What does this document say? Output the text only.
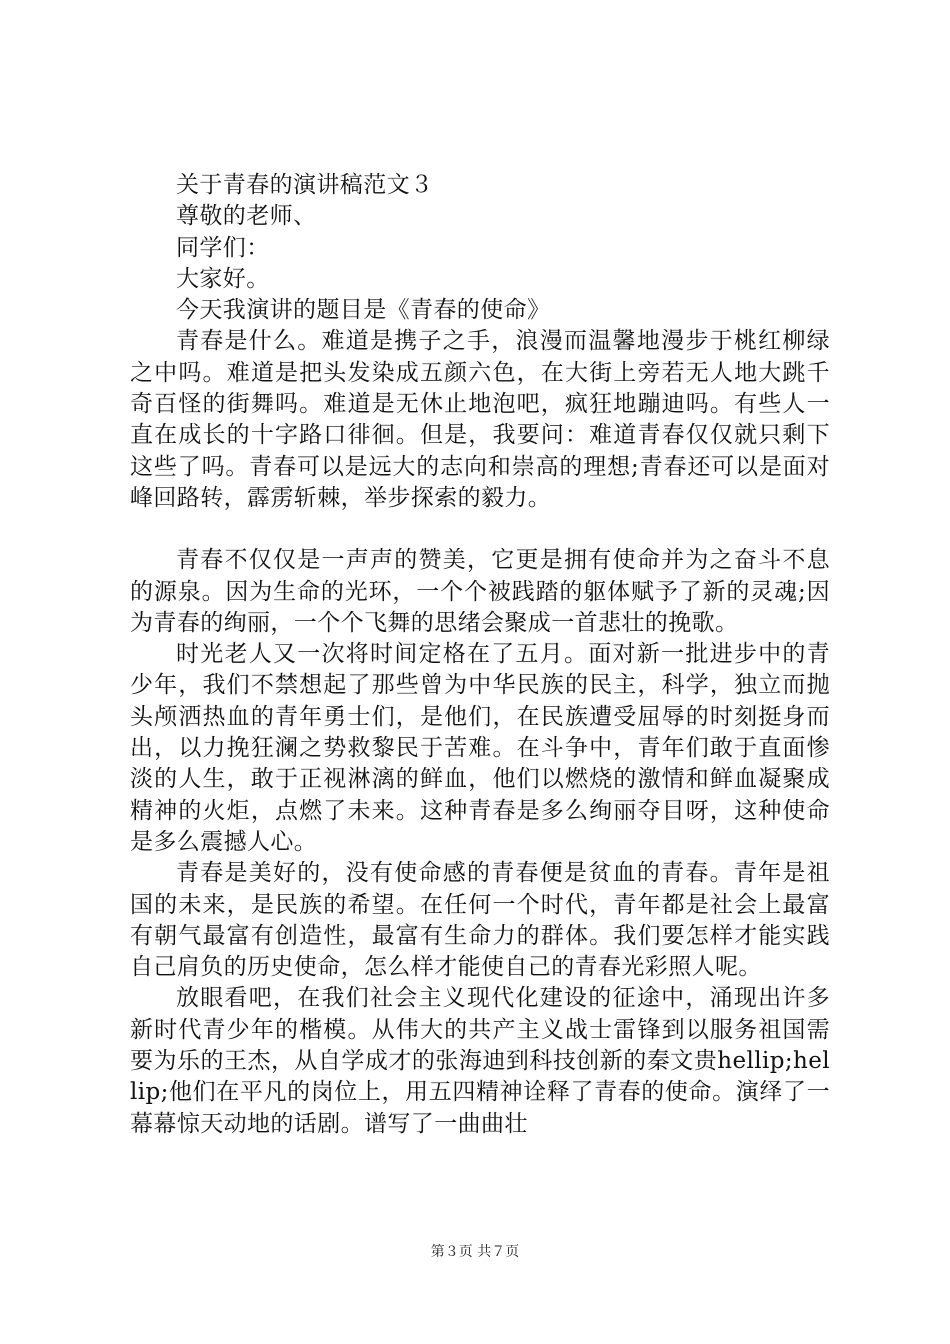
关于青春的演讲稿范文３

尊敬的老师、

同学们：

大家好。

今天我演讲的题目是《青春的使命》

青春是什么。难道是携子之手，浪漫而温馨地漫步于桃红柳绿之中吗。难道是把头发染成五颜六色，在大街上旁若无人地大跳千奇百怪的街舞吗。难道是无休止地泡吧，疯狂地蹦迪吗。有些人一直在成长的十字路口徘徊。但是，我要问：难道青春仅仅就只剩下这些了吗。青春可以是远大的志向和崇高的理想;青春还可以是面对峰回路转，霹雳斩棘，举步探索的毅力。

青春不仅仅是一声声的赞美，它更是拥有使命并为之奋斗不息的源泉。因为生命的光环，一个个被践踏的躯体赋予了新的灵魂;因为青春的绚丽，一个个飞舞的思绪会聚成一首悲壮的挽歌。

时光老人又一次将时间定格在了五月。面对新一批进步中的青少年，我们不禁想起了那些曾为中华民族的民主，科学，独立而抛头颅洒热血的青年勇士们，是他们，在民族遭受屈辱的时刻挺身而出，以力挽狂澜之势救黎民于苦难。在斗争中，青年们敢于直面惨淡的人生，敢于正视淋漓的鲜血，他们以燃烧的激情和鲜血凝聚成精神的火炬，点燃了未来。这种青春是多么绚丽夺目呀，这种使命是多么震撼人心。

青春是美好的，没有使命感的青春便是贫血的青春。青年是祖国的未来，是民族的希望。在任何一个时代，青年都是社会上最富有朝气最富有创造性，最富有生命力的群体。我们要怎样才能实践自己肩负的历史使命，怎么样才能使自己的青春光彩照人呢。

放眼看吧，在我们社会主义现代化建设的征途中，涌现出许多新时代青少年的楷模。从伟大的共产主义战士雷锋到以服务祖国需要为乐的王杰，从自学成才的张海迪到科技创新的秦文贵hellip;hellip;他们在平凡的岗位上，用五四精神诠释了青春的使命。演绎了一幕幕惊天动地的话剧。谱写了一曲曲壮

第３页 共７页
